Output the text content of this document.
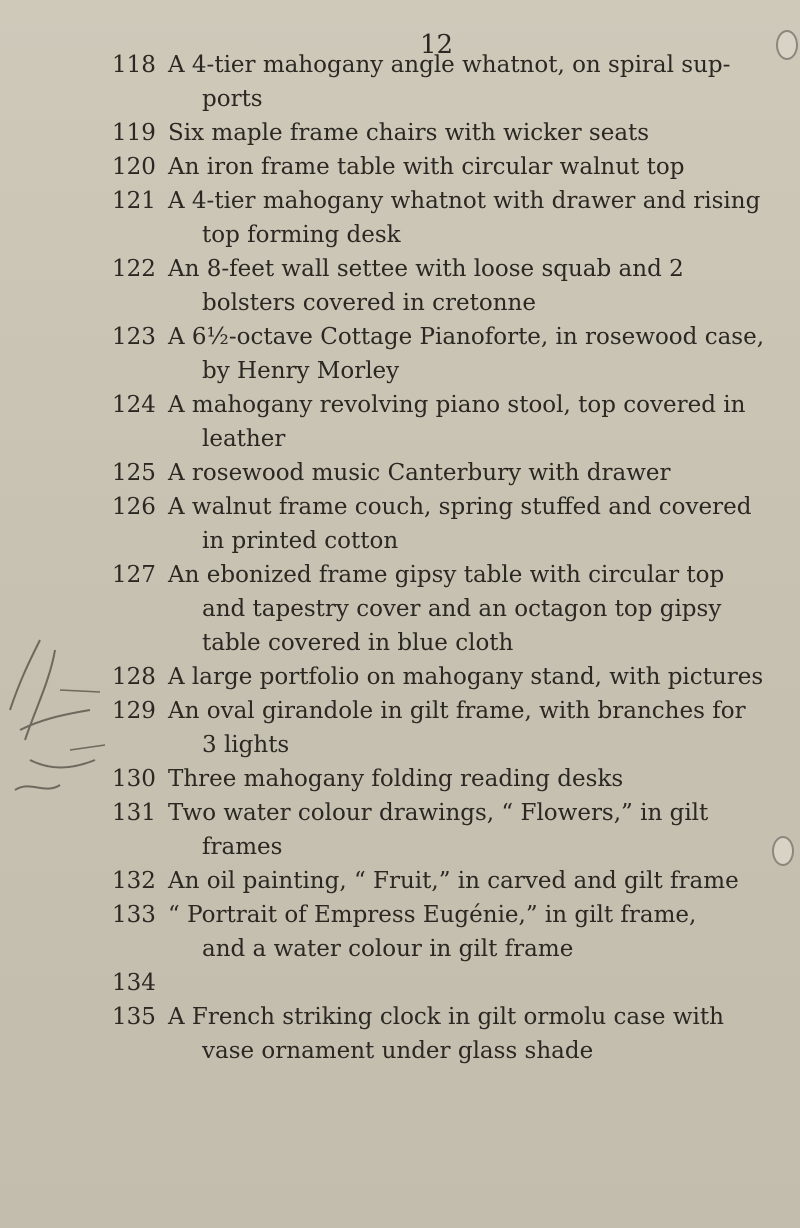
12
118 A 4-tier mahogany angle whatnot, on spiral sup-
ports
119 Six maple frame chairs with wicker seats
120 An iron frame table with circular walnut top
121 A 4-tier mahogany whatnot with drawer and rising
top forming desk
122 An 8-feet wall settee with loose squab and 2
bolsters covered in cretonne
123 A 6½-octave Cottage Pianoforte, in rosewood case,
by Henry Morley
124 A mahogany revolving piano stool, top covered in
leather
125 A rosewood music Canterbury with drawer
126 A walnut frame couch, spring stuffed and covered
in printed cotton
127 An ebonized frame gipsy table with circular top
and tapestry cover and an octagon top gipsy
table covered in blue cloth
128 A large portfolio on mahogany stand, with pictures
129 An oval girandole in gilt frame, with branches for
3 lights
130 Three mahogany folding reading desks
131 Two water colour drawings, “ Flowers,” in gilt
frames
132 An oil painting, “ Fruit,” in carved and gilt frame
133 “ Portrait of Empress Eugénie,” in gilt frame,
and a water colour in gilt frame
134
135 A French striking clock in gilt ormolu case with
vase ornament under glass shade
